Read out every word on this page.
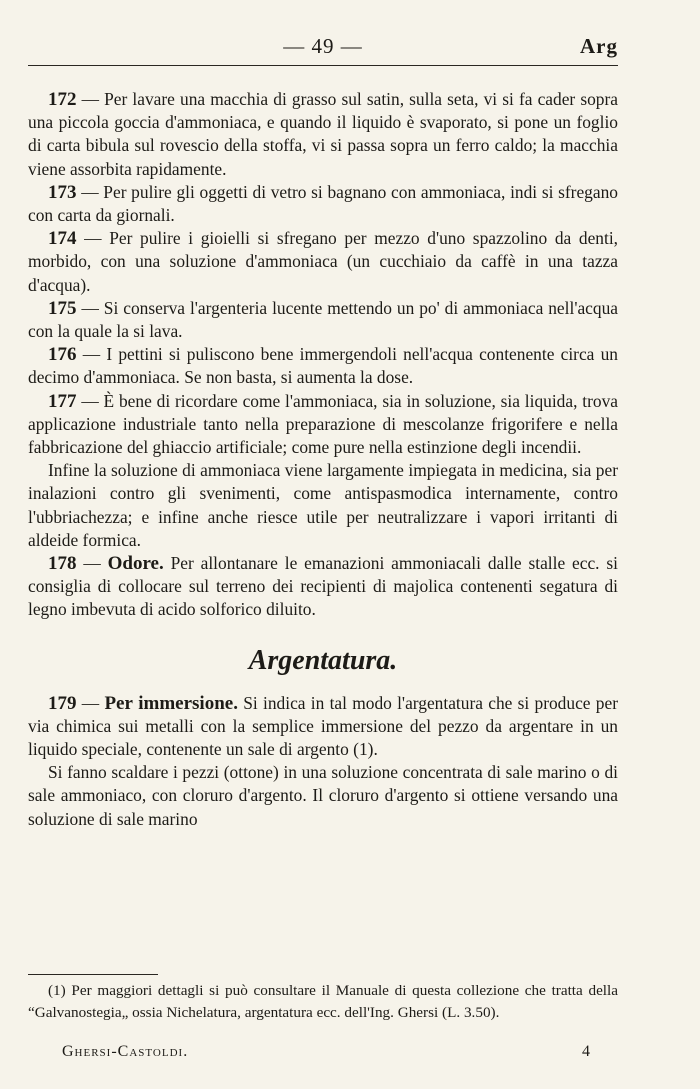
— 49 —	Arg

172 — Per lavare una macchia di grasso sul satin, sulla seta, vi si fa cader sopra una piccola goccia d'ammoniaca, e quando il liquido è svaporato, si pone un foglio di carta bibula sul rovescio della stoffa, vi si passa sopra un ferro caldo; la macchia viene assorbita rapidamente.

173 — Per pulire gli oggetti di vetro si bagnano con ammoniaca, indi si sfregano con carta da giornali.

174 — Per pulire i gioielli si sfregano per mezzo d'uno spazzolino da denti, morbido, con una soluzione d'ammoniaca (un cucchiaio da caffè in una tazza d'acqua).

175 — Si conserva l'argenteria lucente mettendo un po' di ammoniaca nell'acqua con la quale la si lava.

176 — I pettini si puliscono bene immergendoli nell'acqua contenente circa un decimo d'ammoniaca. Se non basta, si aumenta la dose.

177 — È bene di ricordare come l'ammoniaca, sia in soluzione, sia liquida, trova applicazione industriale tanto nella preparazione di mescolanze frigorifere e nella fabbricazione del ghiaccio artificiale; come pure nella estinzione degli incendii.

Infine la soluzione di ammoniaca viene largamente impiegata in medicina, sia per inalazioni contro gli svenimenti, come antispasmodica internamente, contro l'ubbriachezza; e infine anche riesce utile per neutralizzare i vapori irritanti di aldeide formica.

178 — Odore. Per allontanare le emanazioni ammoniacali dalle stalle ecc. si consiglia di collocare sul terreno dei recipienti di majolica contenenti segatura di legno imbevuta di acido solforico diluito.

Argentatura.

179 — Per immersione. Si indica in tal modo l'argentatura che si produce per via chimica sui metalli con la semplice immersione del pezzo da argentare in un liquido speciale, contenente un sale di argento (1).

Si fanno scaldare i pezzi (ottone) in una soluzione concentrata di sale marino o di sale ammoniaco, con cloruro d'argento. Il cloruro d'argento si ottiene versando una soluzione di sale marino

(1) Per maggiori dettagli si può consultare il Manuale di questa collezione che tratta della “Galvanostegia„ ossia Nichelatura, argentatura ecc. dell'Ing. Ghersi (L. 3.50).
Ghersi-Castoldi.	4
